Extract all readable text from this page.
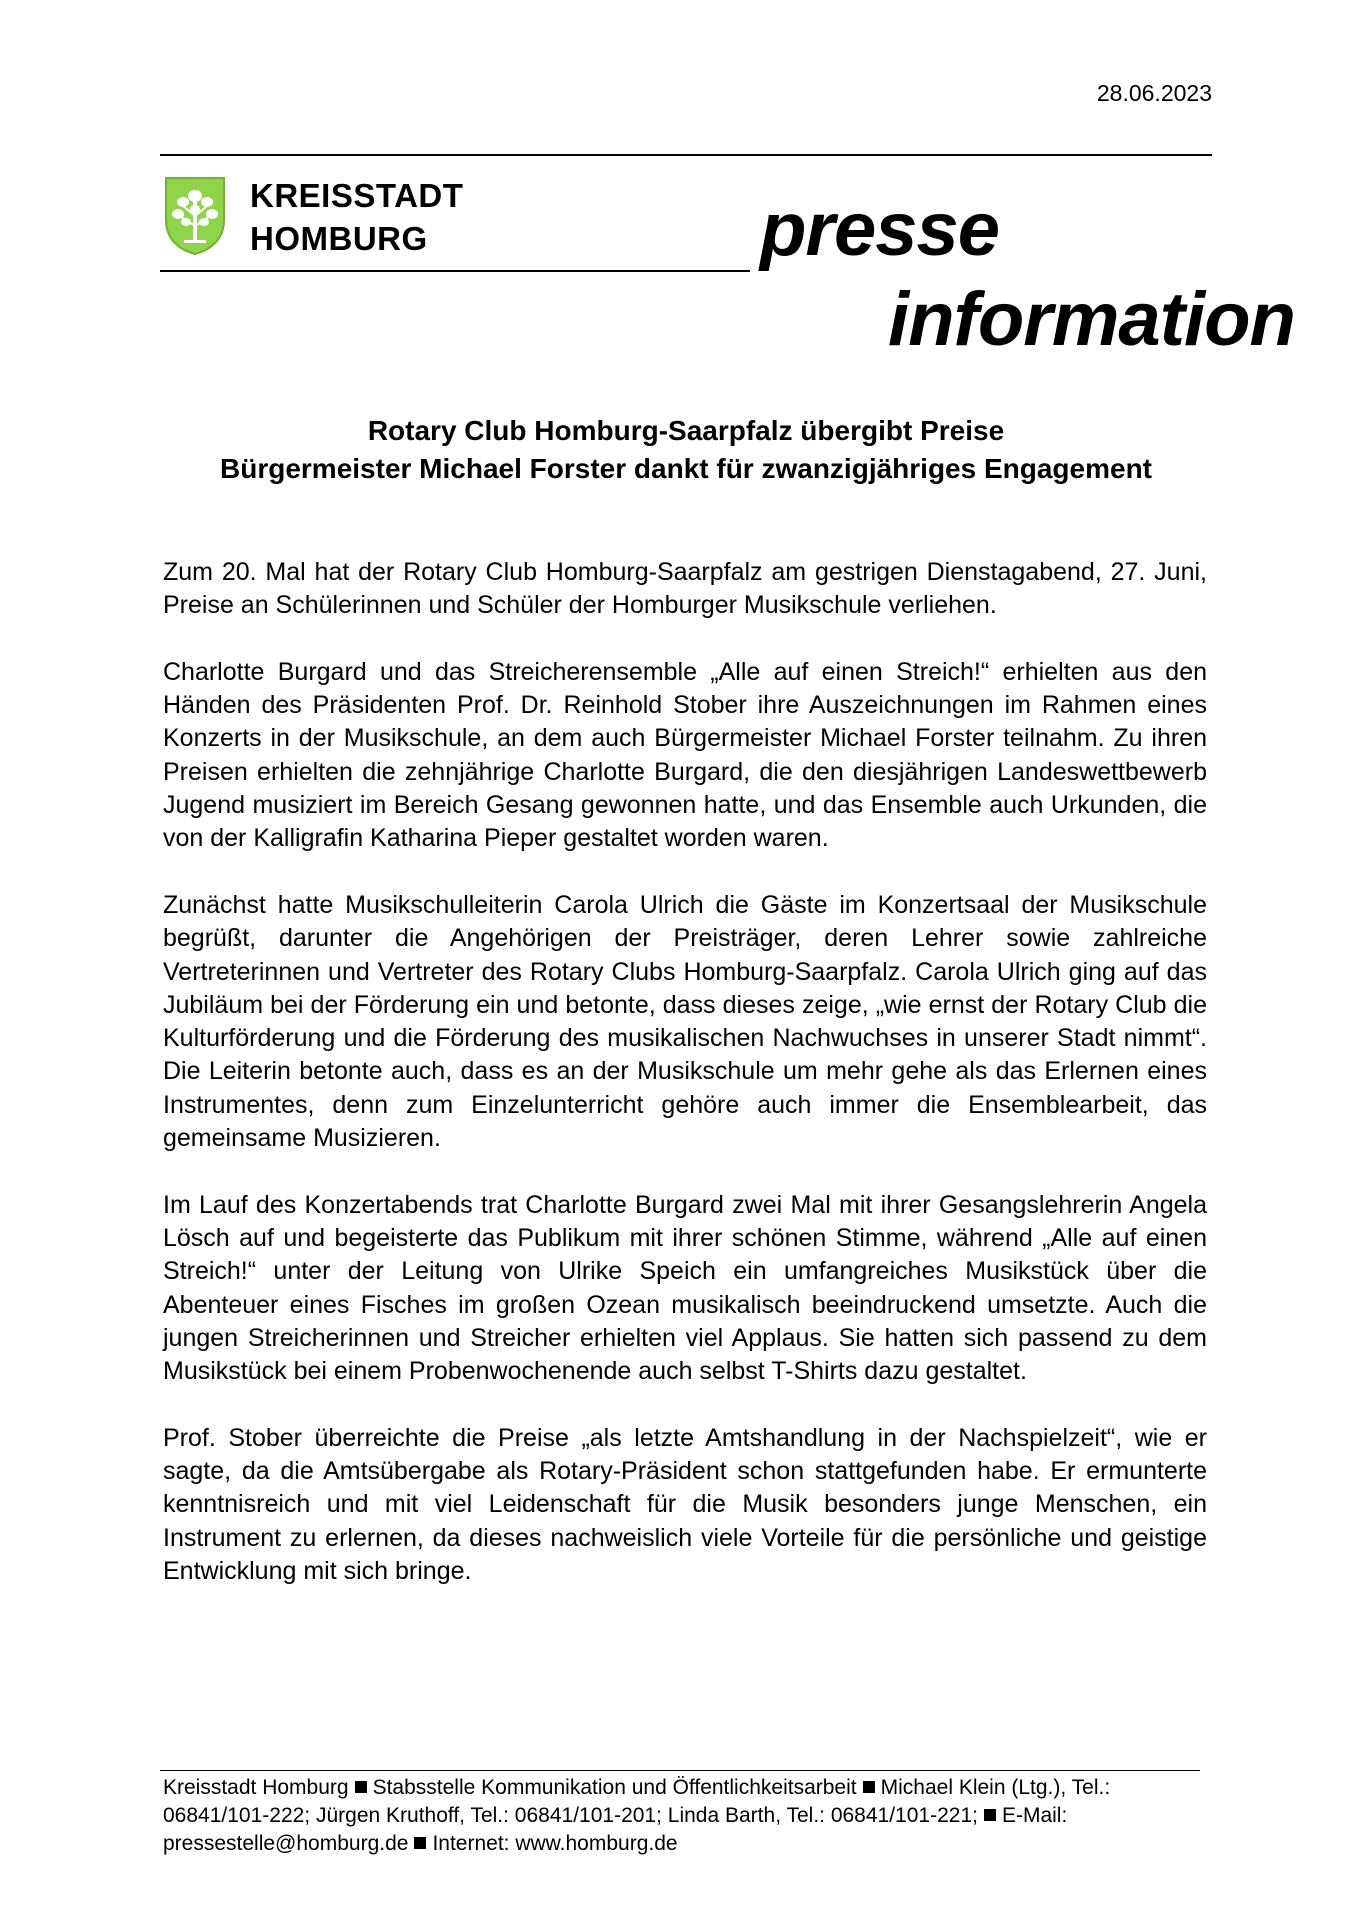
28.06.2023
KREISSTADT
HOMBURG	presse
information
Rotary Club Homburg-Saarpfalz übergibt Preise
Bürgermeister Michael Forster dankt für zwanzigjähriges Engagement

Zum 20. Mal hat der Rotary Club Homburg-Saarpfalz am gestrigen Dienstagabend, 27. Juni, Preise an Schülerinnen und Schüler der Homburger Musikschule verliehen.

Charlotte Burgard und das Streicherensemble „Alle auf einen Streich!“ erhielten aus den Händen des Präsidenten Prof. Dr. Reinhold Stober ihre Auszeichnungen im Rahmen eines Konzerts in der Musikschule, an dem auch Bürgermeister Michael Forster teilnahm. Zu ihren Preisen erhielten die zehnjährige Charlotte Burgard, die den diesjährigen Landeswettbewerb Jugend musiziert im Bereich Gesang gewonnen hatte, und das Ensemble auch Urkunden, die von der Kalligrafin Katharina Pieper gestaltet worden waren.

Zunächst hatte Musikschulleiterin Carola Ulrich die Gäste im Konzertsaal der Musikschule begrüßt, darunter die Angehörigen der Preisträger, deren Lehrer sowie zahlreiche Vertreterinnen und Vertreter des Rotary Clubs Homburg-Saarpfalz. Carola Ulrich ging auf das Jubiläum bei der Förderung ein und betonte, dass dieses zeige, „wie ernst der Rotary Club die Kulturförderung und die Förderung des musikalischen Nachwuchses in unserer Stadt nimmt“. Die Leiterin betonte auch, dass es an der Musikschule um mehr gehe als das Erlernen eines Instrumentes, denn zum Einzelunterricht gehöre auch immer die Ensemblearbeit, das gemeinsame Musizieren.

Im Lauf des Konzertabends trat Charlotte Burgard zwei Mal mit ihrer Gesangslehrerin Angela Lösch auf und begeisterte das Publikum mit ihrer schönen Stimme, während „Alle auf einen Streich!“ unter der Leitung von Ulrike Speich ein umfangreiches Musikstück über die Abenteuer eines Fisches im großen Ozean musikalisch beeindruckend umsetzte. Auch die jungen Streicherinnen und Streicher erhielten viel Applaus. Sie hatten sich passend zu dem Musikstück bei einem Probenwochenende auch selbst T-Shirts dazu gestaltet.

Prof. Stober überreichte die Preise „als letzte Amtshandlung in der Nachspielzeit“, wie er sagte, da die Amtsübergabe als Rotary-Präsident schon stattgefunden habe. Er ermunterte kenntnisreich und mit viel Leidenschaft für die Musik besonders junge Menschen, ein Instrument zu erlernen, da dieses nachweislich viele Vorteile für die persönliche und geistige Entwicklung mit sich bringe.

Kreisstadt Homburg Stabsstelle Kommunikation und Öffentlichkeitsarbeit Michael Klein (Ltg.), Tel.: 06841/101-222; Jürgen Kruthoff, Tel.: 06841/101-201; Linda Barth, Tel.: 06841/101-221; E-Mail: pressestelle@homburg.de Internet: www.homburg.de
